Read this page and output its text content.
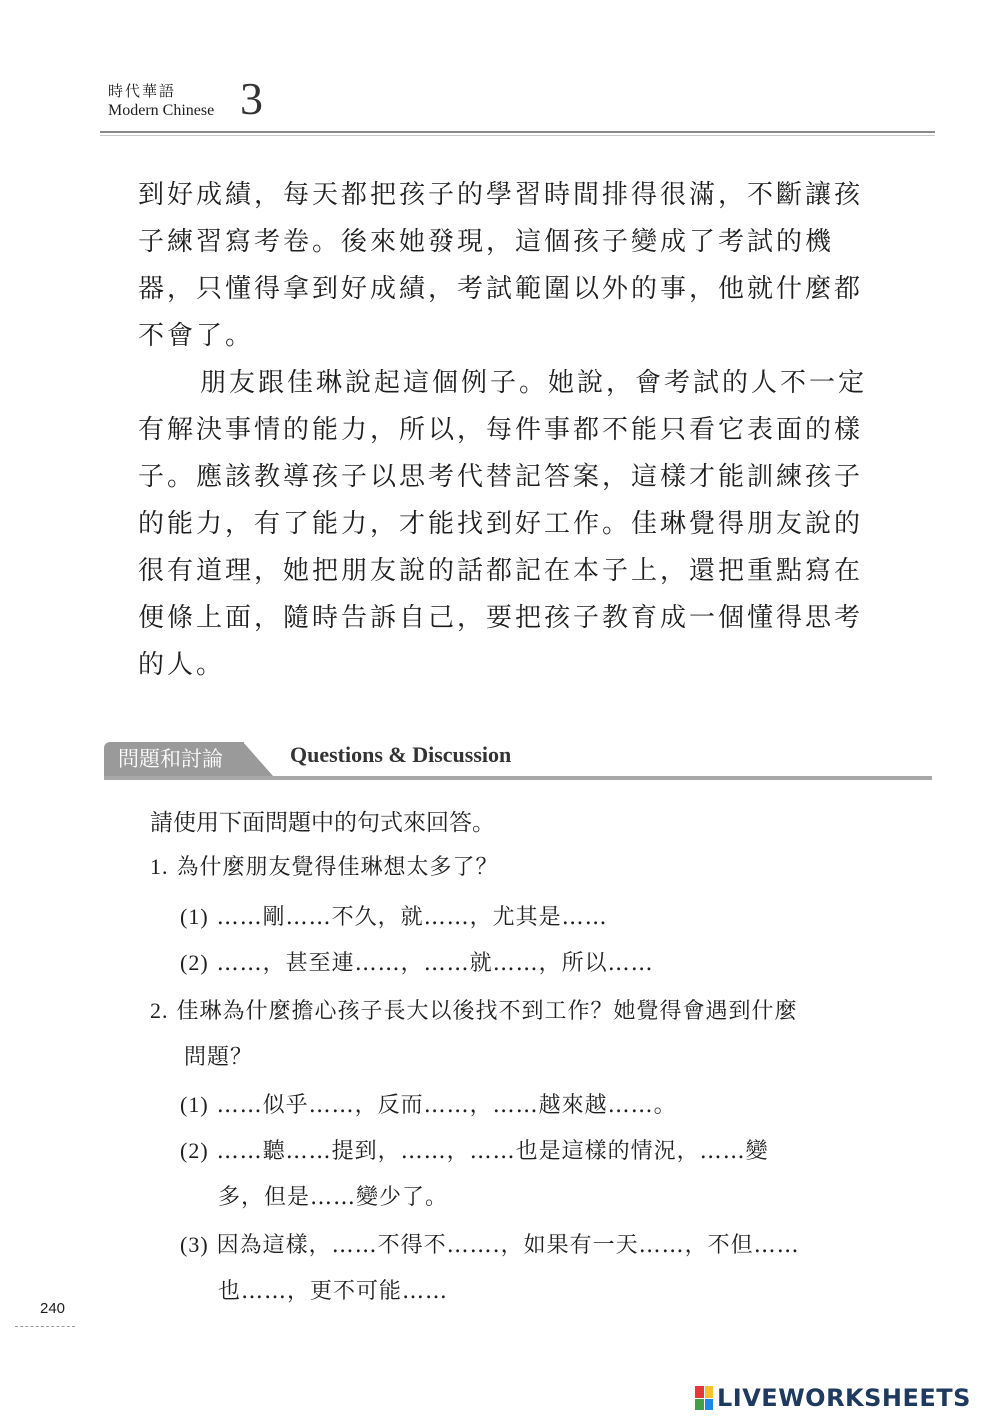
時代華語
Modern Chinese 3
到好成績，每天都把孩子的學習時間排得很滿，不斷讓孩
子練習寫考卷。後來她發現，這個孩子變成了考試的機
器，只懂得拿到好成績，考試範圍以外的事，他就什麼都
不會了。
朋友跟佳琳說起這個例子。她說，會考試的人不一定
有解決事情的能力，所以，每件事都不能只看它表面的樣
子。應該教導孩子以思考代替記答案，這樣才能訓練孩子
的能力，有了能力，才能找到好工作。佳琳覺得朋友說的
很有道理，她把朋友說的話都記在本子上，還把重點寫在
便條上面，隨時告訴自己，要把孩子教育成一個懂得思考
的人。
問題和討論	Questions & Discussion
請使用下面問題中的句式來回答。
1. 為什麼朋友覺得佳琳想太多了？
(1) ……剛……不久，就……，尤其是……
(2) ……，甚至連……，……就……，所以……
2. 佳琳為什麼擔心孩子長大以後找不到工作？她覺得會遇到什麼
問題？
(1) ……似乎……，反而……，……越來越……。
(2) ……聽……提到，……，……也是這樣的情況，……變
多，但是……變少了。
(3) 因為這樣，……不得不…….，如果有一天……，不但……
也……，更不可能……
240
LIVEWORKSHEETS
